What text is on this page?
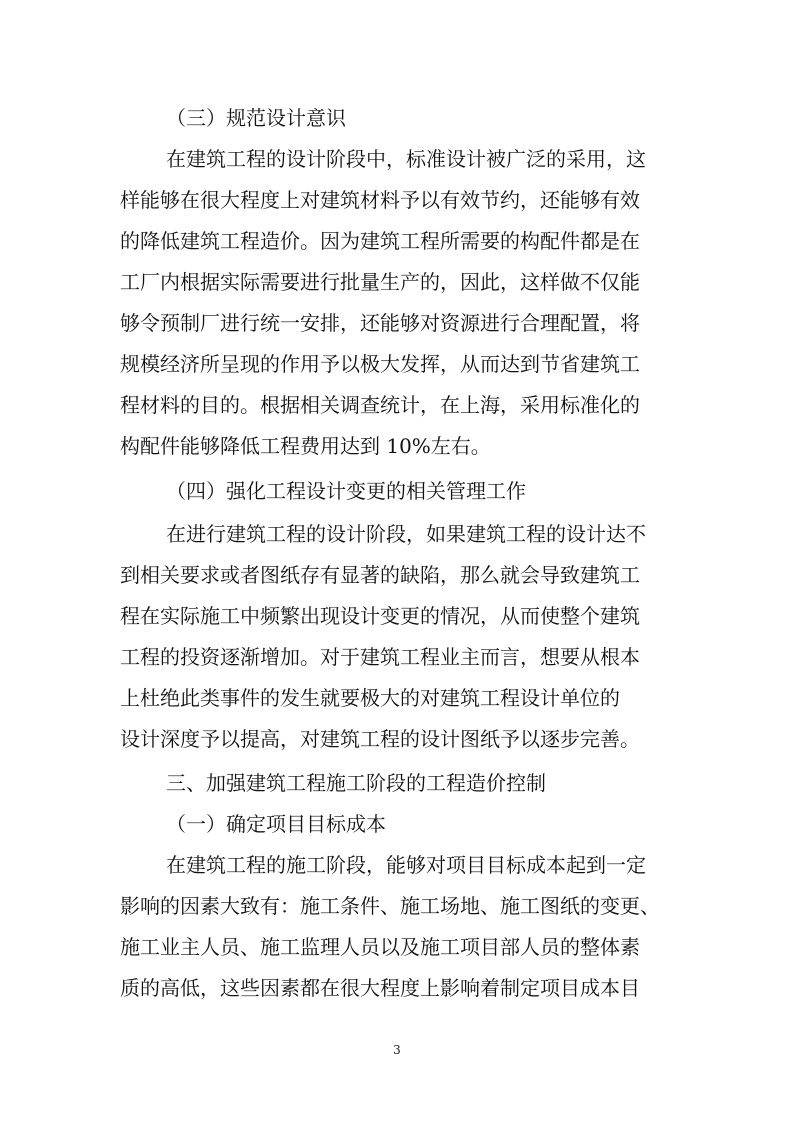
（三）规范设计意识
在建筑工程的设计阶段中，标准设计被广泛的采用，这
样能够在很大程度上对建筑材料予以有效节约，还能够有效
的降低建筑工程造价。因为建筑工程所需要的构配件都是在
工厂内根据实际需要进行批量生产的，因此，这样做不仅能
够令预制厂进行统一安排，还能够对资源进行合理配置，将
规模经济所呈现的作用予以极大发挥，从而达到节省建筑工
程材料的目的。根据相关调查统计，在上海，采用标准化的
构配件能够降低工程费用达到 10%左右。
（四）强化工程设计变更的相关管理工作
在进行建筑工程的设计阶段，如果建筑工程的设计达不
到相关要求或者图纸存有显著的缺陷，那么就会导致建筑工
程在实际施工中频繁出现设计变更的情况，从而使整个建筑
工程的投资逐渐增加。对于建筑工程业主而言，想要从根本
上杜绝此类事件的发生就要极大的对建筑工程设计单位的
设计深度予以提高，对建筑工程的设计图纸予以逐步完善。
三、加强建筑工程施工阶段的工程造价控制
（一）确定项目目标成本
在建筑工程的施工阶段，能够对项目目标成本起到一定
影响的因素大致有：施工条件、施工场地、施工图纸的变更、
施工业主人员、施工监理人员以及施工项目部人员的整体素
质的高低，这些因素都在很大程度上影响着制定项目成本目
3
